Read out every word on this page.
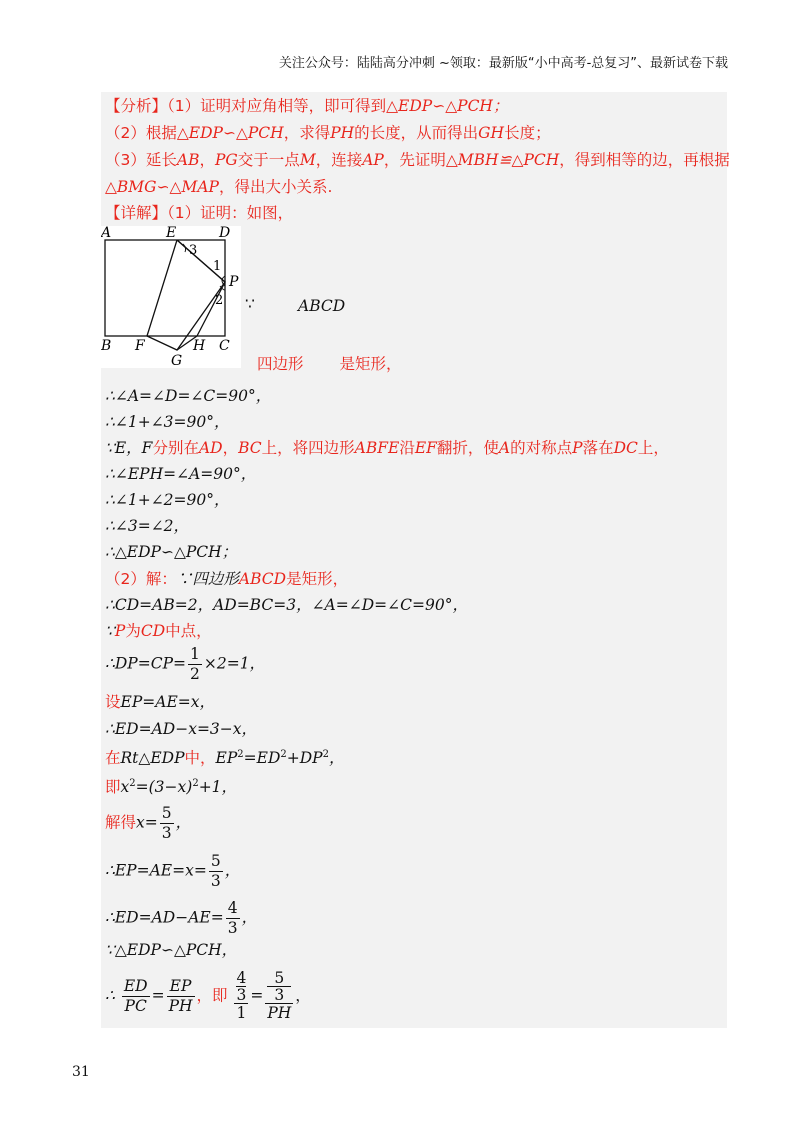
关注公众号：陆陆高分冲刺 ~领取：最新版“小中高考-总复习”、最新试卷下载
【分析】（1）证明对应角相等，即可得到△EDP∽△PCH；
（2）根据△EDP∽△PCH，求得PH的长度，从而得出GH长度；
（3）延长AB，PG交于一点M，连接AP，先证明△MBH≌△PCH，得到相等的边，再根据
△BMG∽△MAP，得出大小关系.
【详解】（1）证明：如图，
A	E	D
B F	H C
P
G
1
2
3
∵	ABCD
四边形 是矩形，
∴∠A=∠D=∠C=90°，
∴∠1+∠3=90°，
∵E，F分别在AD，BC上，将四边形ABFE沿EF翻折，使A的对称点P落在DC上，
∴∠EPH=∠A=90°，
∴∠1+∠2=90°，
∴∠3=∠2，
∴△EDP∽△PCH；
（2）解：∵四边形ABCD是矩形，
∴CD=AB=2，AD=BC=3，∠A=∠D=∠C=90°，
∵P为CD中点，
∴DP=CP= $\frac{1}{2} \times 2=1$，
设EP=AE=x，
∴ED=AD−x=3−x，
在Rt△EDP中，$EP^2=ED^2+DP^2$，
即$x^2=(3-x)^2+1$，
解得$x= \frac{5}{3}$ ，
∴EP=AE=x= $\frac{5}{3}$ ，
∴ED=AD−AE= $\frac{4}{3}$ ，
∵△EDP∽△PCH，
∴ $\frac{ED}{PC} = \frac{EP}{PH}$ ，即 4
3
1 = 5
3
PH ，
31
